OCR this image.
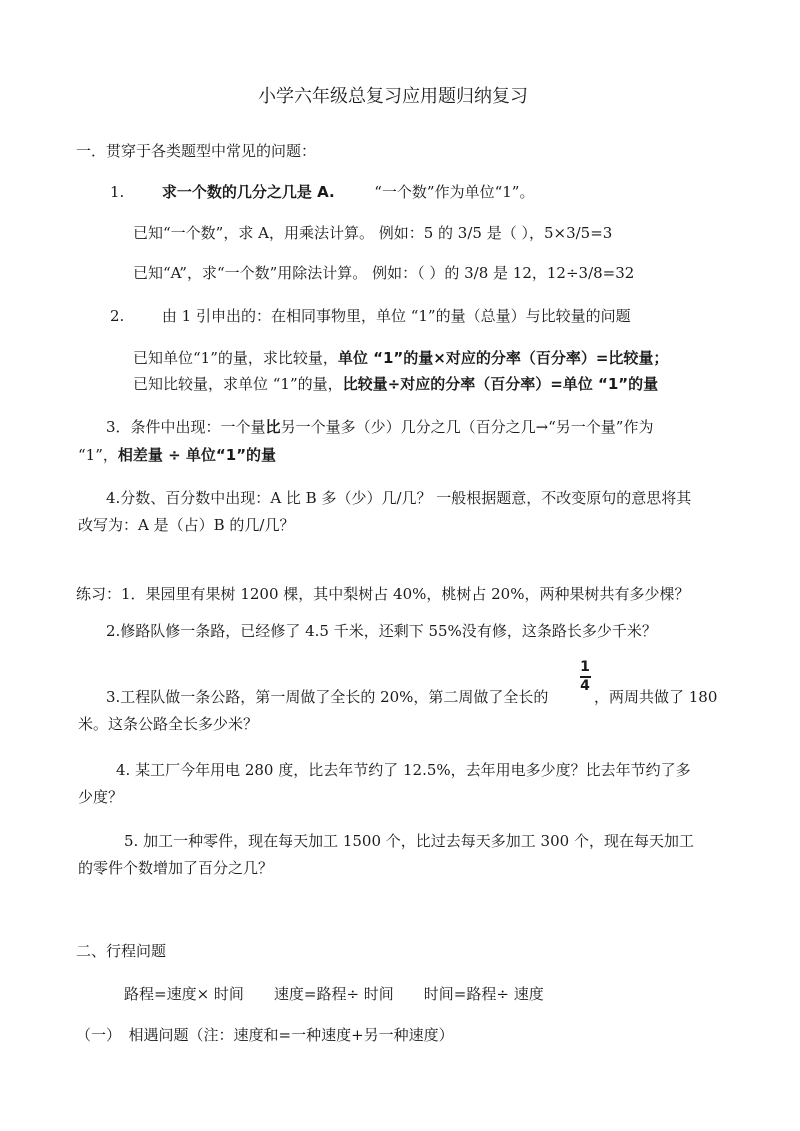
小学六年级总复习应用题归纳复习
一．贯穿于各类题型中常见的问题：
1.	求一个数的几分之几是 A.	“一个数”作为单位“1”。
已知“一个数”，求 A，用乘法计算。 例如：5 的 3/5 是（ ），5×3/5=3
已知“A”，求“一个数”用除法计算。 例如：（ ）的 3/8 是 12，12÷3/8=32
2.	由 1 引申出的：在相同事物里，单位 “1”的量（总量）与比较量的问题
已知单位“1”的量，求比较量，单位 “1”的量×对应的分率（百分率）=比较量；
已知比较量，求单位 “1”的量，比较量÷对应的分率（百分率）=单位 “1”的量
3．条件中出现：一个量比另一个量多（少）几分之几（百分之几→“另一个量”作为
“1”，相差量 ÷ 单位“1”的量
4.分数、百分数中出现：A 比 B 多（少）几/几？ 一般根据题意，不改变原句的意思将其
改写为：A 是（占）B 的几/几？
练习：1．果园里有果树 1200 棵，其中梨树占 40%，桃树占 20%，两种果树共有多少棵？
2.修路队修一条路，已经修了 4.5 千米，还剩下 55%没有修，这条路长多少千米？
3.工程队做一条公路，第一周做了全长的 20%，第二周做了全长的
1
4
，两周共做了 180
米。这条公路全长多少米？
4. 某工厂今年用电 280 度，比去年节约了 12.5%，去年用电多少度？比去年节约了多
少度？
5. 加工一种零件，现在每天加工 1500 个，比过去每天多加工 300 个，现在每天加工
的零件个数增加了百分之几？
二、行程问题
路程=速度× 时间　　速度=路程÷ 时间　　时间=路程÷ 速度
（一）　相遇问题（注：速度和=一种速度+另一种速度）
